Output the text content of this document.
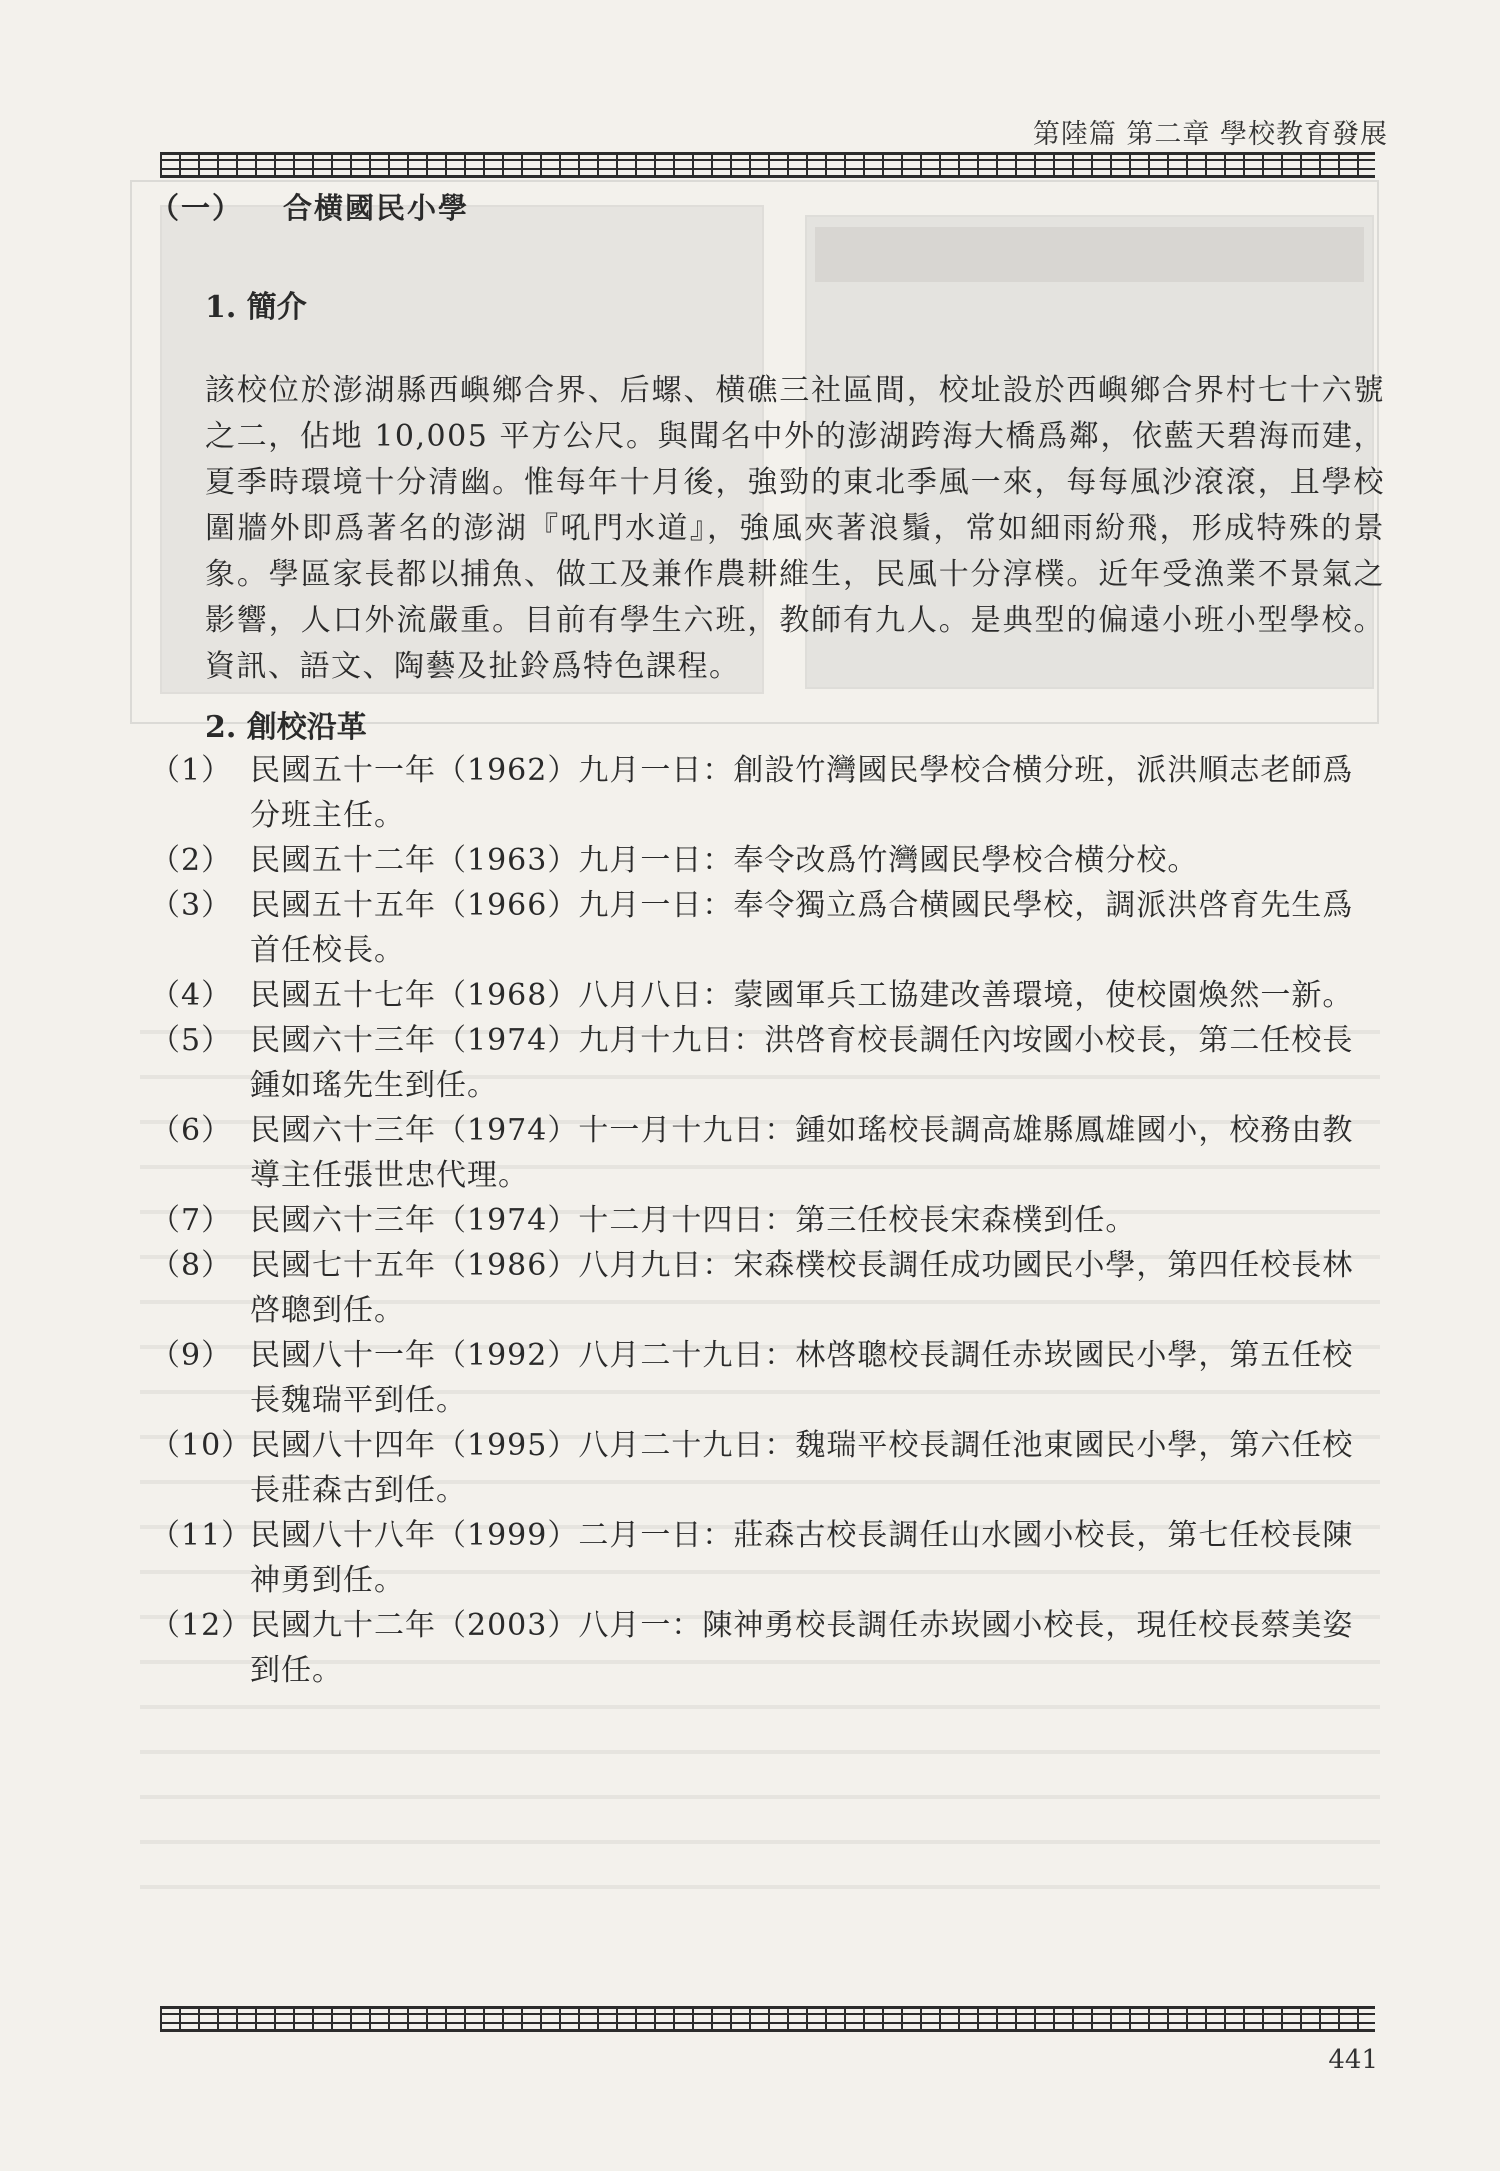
第陸篇 第二章 學校教育發展
（一） 合横國民小學
1. 簡介

該校位於澎湖縣西嶼鄉合界、后螺、横礁三社區間，校址設於西嶼鄉合界村七十六號之二，佔地 10,005 平方公尺。與聞名中外的澎湖跨海大橋爲鄰，依藍天碧海而建，夏季時環境十分清幽。惟每年十月後，強勁的東北季風一來，每每風沙滾滾，且學校圍牆外即爲著名的澎湖『吼門水道』，強風夾著浪鬚，常如細雨紛飛，形成特殊的景象。學區家長都以捕魚、做工及兼作農耕維生，民風十分淳樸。近年受漁業不景氣之影響，人口外流嚴重。目前有學生六班，教師有九人。是典型的偏遠小班小型學校。資訊、語文、陶藝及扯鈴爲特色課程。

2. 創校沿革
（1） 民國五十一年（1962）九月一日：創設竹灣國民學校合横分班，派洪順志老師爲分班主任。
（2） 民國五十二年（1963）九月一日：奉令改爲竹灣國民學校合横分校。
（3） 民國五十五年（1966）九月一日：奉令獨立爲合横國民學校，調派洪啓育先生爲首任校長。
（4） 民國五十七年（1968）八月八日：蒙國軍兵工協建改善環境，使校園煥然一新。
（5） 民國六十三年（1974）九月十九日：洪啓育校長調任內垵國小校長，第二任校長鍾如瑤先生到任。
（6） 民國六十三年（1974）十一月十九日：鍾如瑤校長調高雄縣鳳雄國小，校務由教導主任張世忠代理。
（7） 民國六十三年（1974）十二月十四日：第三任校長宋森樸到任。
（8） 民國七十五年（1986）八月九日：宋森樸校長調任成功國民小學，第四任校長林啓聰到任。
（9） 民國八十一年（1992）八月二十九日：林啓聰校長調任赤崁國民小學，第五任校長魏瑞平到任。
（10）
民國八十四年（1995）八月二十九日：魏瑞平校長調任池東國民小學，第六任校長莊森古到任。
（11）
民國八十八年（1999）二月一日：莊森古校長調任山水國小校長，第七任校長陳神勇到任。
（12）
民國九十二年（2003）八月一：陳神勇校長調任赤崁國小校長，現任校長蔡美姿到任。
441
